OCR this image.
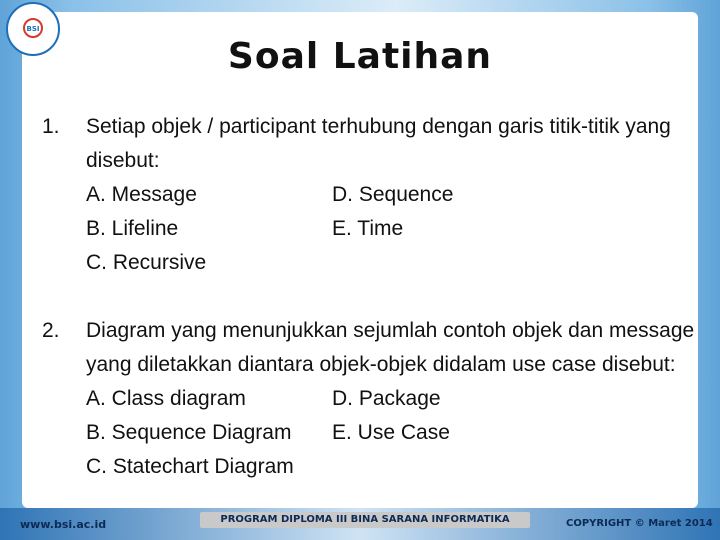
BSI
Soal Latihan
1. Setiap objek / participant terhubung dengan garis titik-titik yang disebut:
A. Message	D. Sequence
B. Lifeline	E. Time
C. Recursive
2. Diagram yang menunjukkan sejumlah contoh objek dan message yang diletakkan diantara objek-objek didalam use case disebut:
A. Class diagram	D. Package
B. Sequence Diagram	E. Use Case
C. Statechart Diagram
www.bsi.ac.id	PROGRAM DIPLOMA III BINA SARANA INFORMATIKA	COPYRIGHT © Maret 2014
